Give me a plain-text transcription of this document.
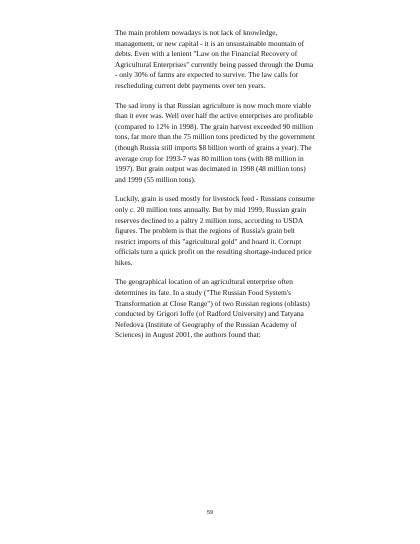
The main problem nowadays is not lack of knowledge, management, or new capital - it is an unsustainable mountain of debts. Even with a lenient "Law on the Financial Recovery of Agricultural Enterprises" currently being passed through the Duma - only 30% of farms are expected to survive. The law calls for rescheduling current debt payments over ten years.

The sad irony is that Russian agriculture is now much more viable than it ever was. Well over half the active enterprises are profitable (compared to 12% in 1998). The grain harvest exceeded 90 million tons, far more than the 75 million tons predicted by the government (though Russia still imports $8 billion worth of grains a year). The average crop for 1993-7 was 80 million tons (with 88 million in 1997). But grain output was decimated in 1998 (48 million tons) and 1999 (55 million tons).

Luckily, grain is used mostly for livestock feed - Russians consume only c. 20 million tons annually. But by mid 1999, Russian grain reserves declined to a paltry 2 million tons, according to USDA figures. The problem is that the regions of Russia's grain belt restrict imports of this "agricultural gold" and hoard it. Corrupt officials turn a quick profit on the resulting shortage-induced price hikes.

The geographical location of an agricultural enterprise often determines its fate. In a study ("The Russian Food System's Transformation at Close Range") of two Russian regions (oblasts) conducted by Grigori Ioffe (of Radford University) and Tatyana Nefedova (Institute of Geography of the Russian Academy of Sciences) in August 2001, the authors found that:

59
